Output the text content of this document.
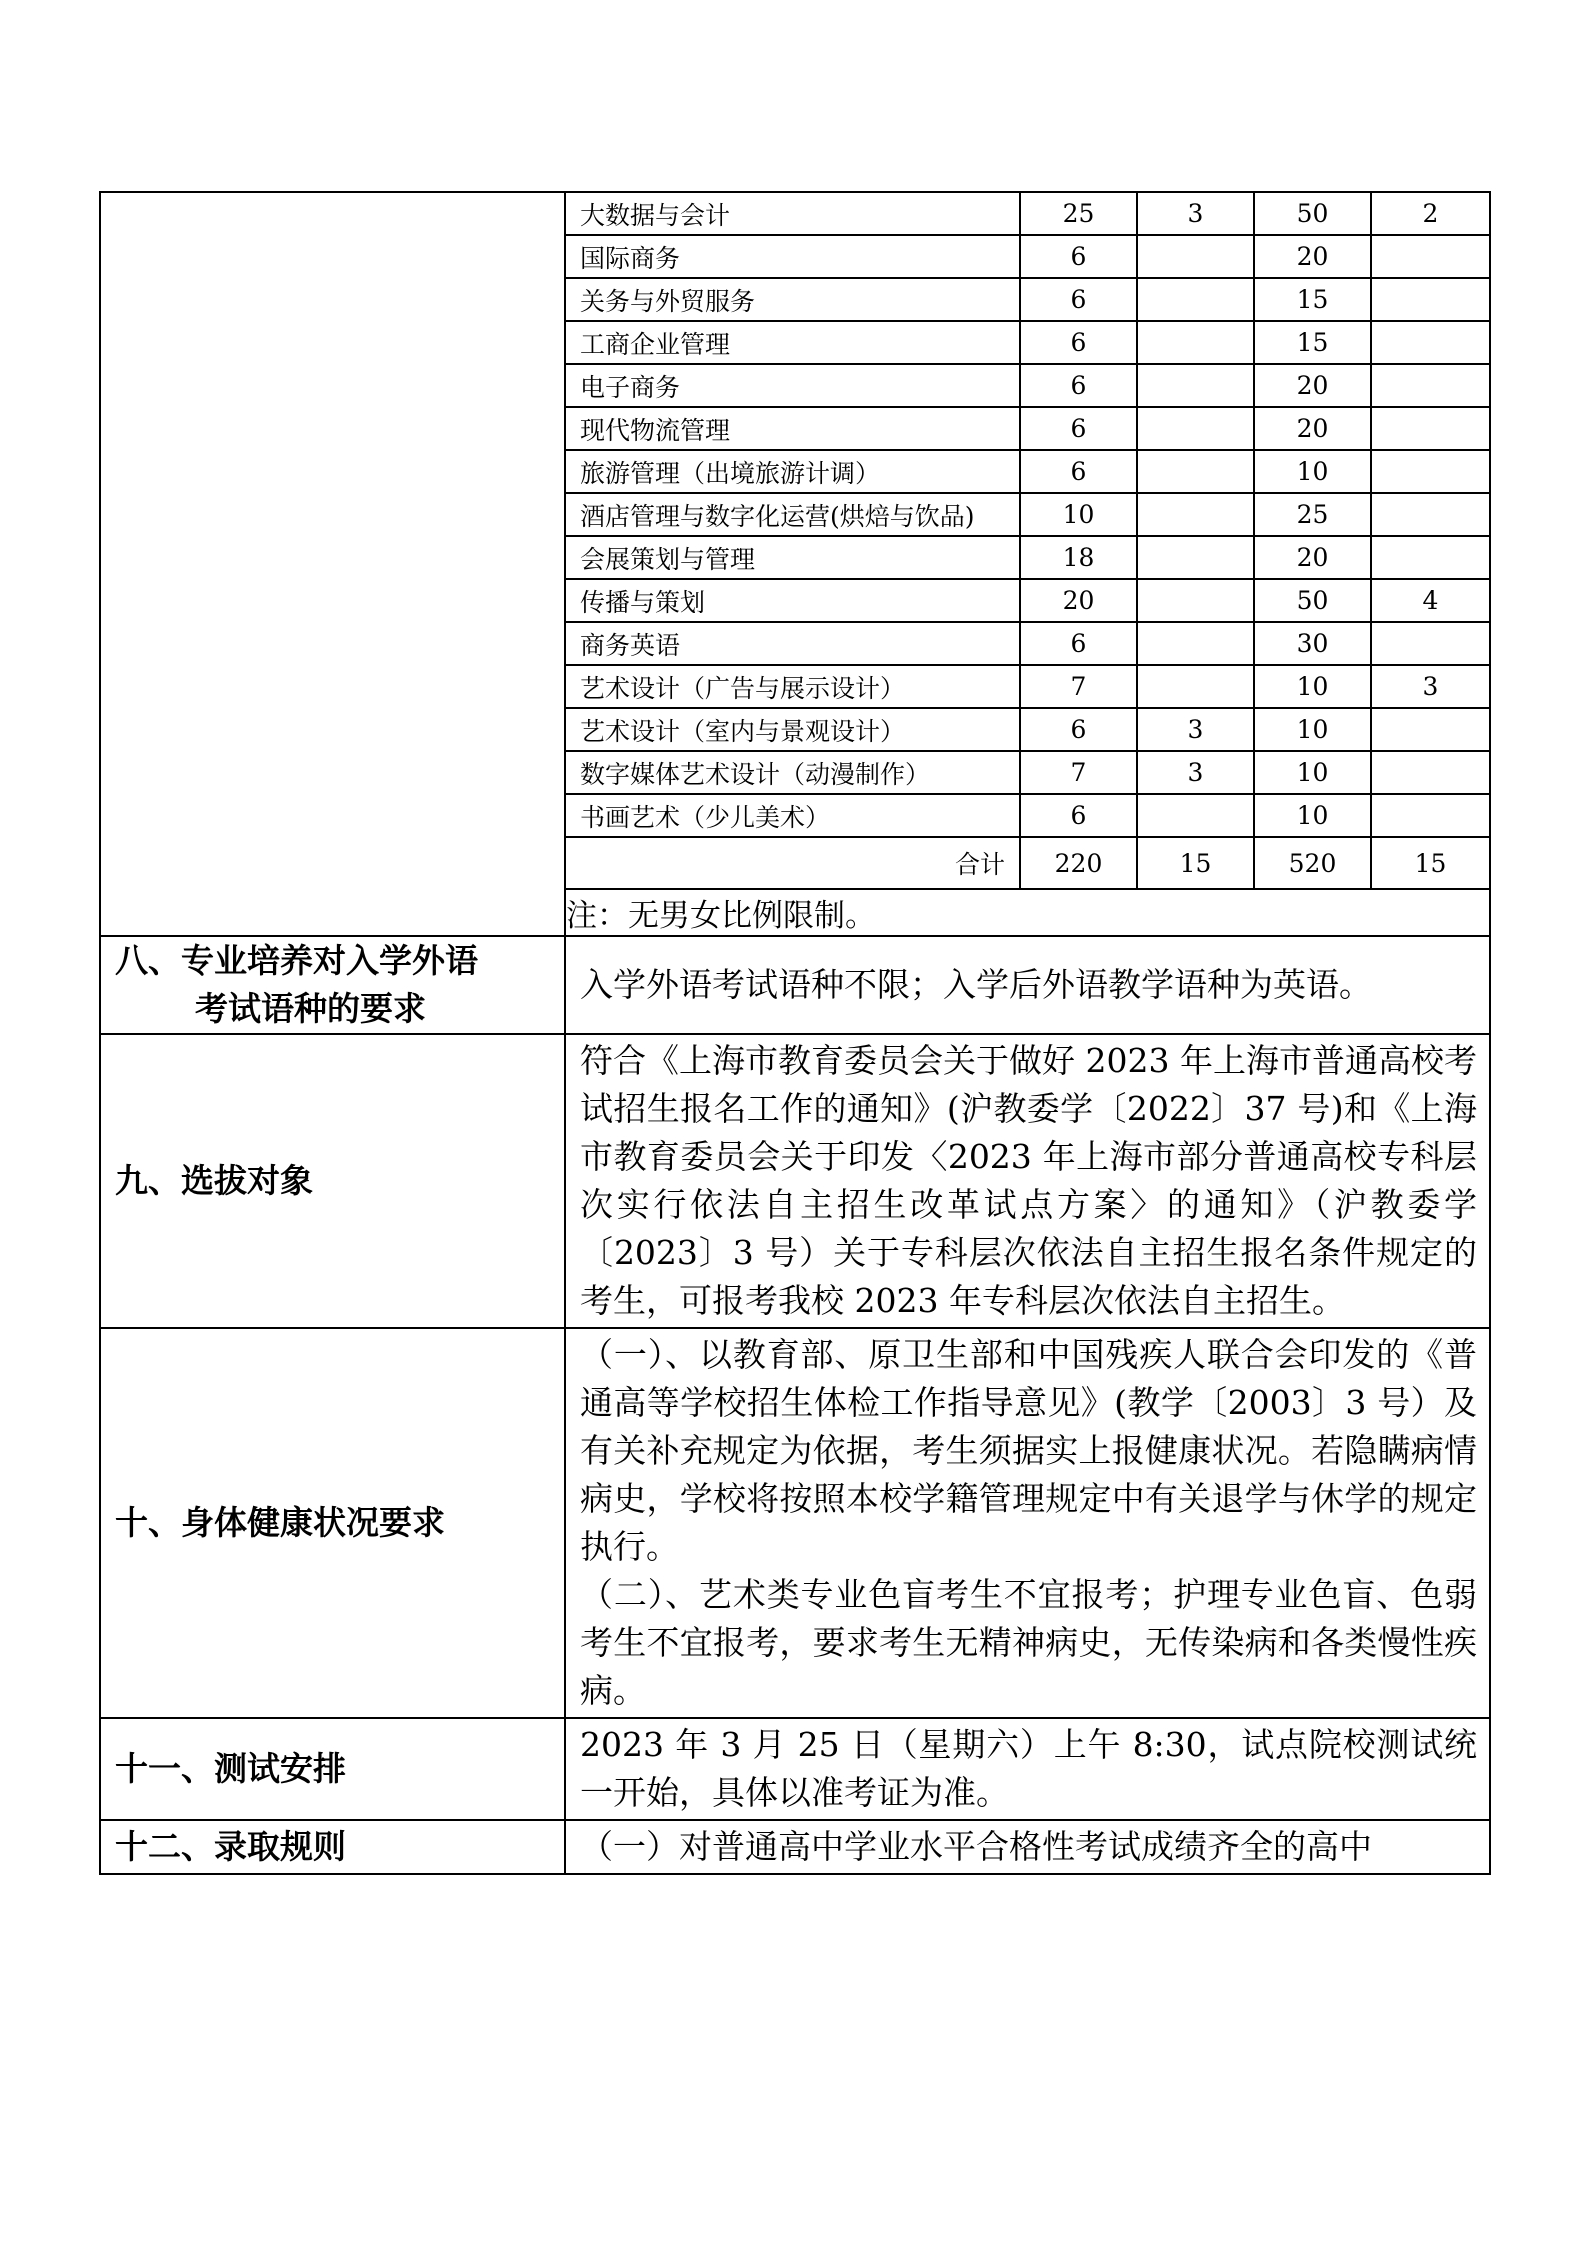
	大数据与会计	25	3	50	2
	国际商务	6		20	
	关务与外贸服务	6		15	
	工商企业管理	6		15	
	电子商务	6		20	
	现代物流管理	6		20	
	旅游管理（出境旅游计调）	6		10	
	酒店管理与数字化运营(烘焙与饮品)	10		25	
	会展策划与管理	18		20	
	传播与策划	20		50	4
	商务英语	6		30	
	艺术设计（广告与展示设计）	7		10	3
	艺术设计（室内与景观设计）	6	3	10	
	数字媒体艺术设计（动漫制作）	7	3	10	
	书画艺术（少儿美术）	6		10	
	合计	220	15	520	15
	注：无男女比例限制。				
八、专业培养对入学外语
考试语种的要求	入学外语考试语种不限；入学后外语教学语种为英语。				
九、选拔对象	符合《上海市教育委员会关于做好 2023 年上海市普通高校考试招生报名工作的通知》(沪教委学〔2022〕37 号)和《上海市教育委员会关于印发〈2023 年上海市部分普通高校专科层次实行依法自主招生改革试点方案〉的通知》（沪教委学〔2023〕3 号）关于专科层次依法自主招生报名条件规定的考生，可报考我校 2023 年专科层次依法自主招生。				
十、身体健康状况要求	（一）、以教育部、原卫生部和中国残疾人联合会印发的《普通高等学校招生体检工作指导意见》(教学〔2003〕3 号）及有关补充规定为依据，考生须据实上报健康状况。若隐瞒病情病史，学校将按照本校学籍管理规定中有关退学与休学的规定执行。

（二）、艺术类专业色盲考生不宜报考；护理专业色盲、色弱考生不宜报考，要求考生无精神病史，无传染病和各类慢性疾病。				

十一、测试安排	2023 年 3 月 25 日（星期六）上午 8:30，试点院校测试统一开始，具体以准考证为准。				
十二、录取规则	（一）对普通高中学业水平合格性考试成绩齐全的高中				
